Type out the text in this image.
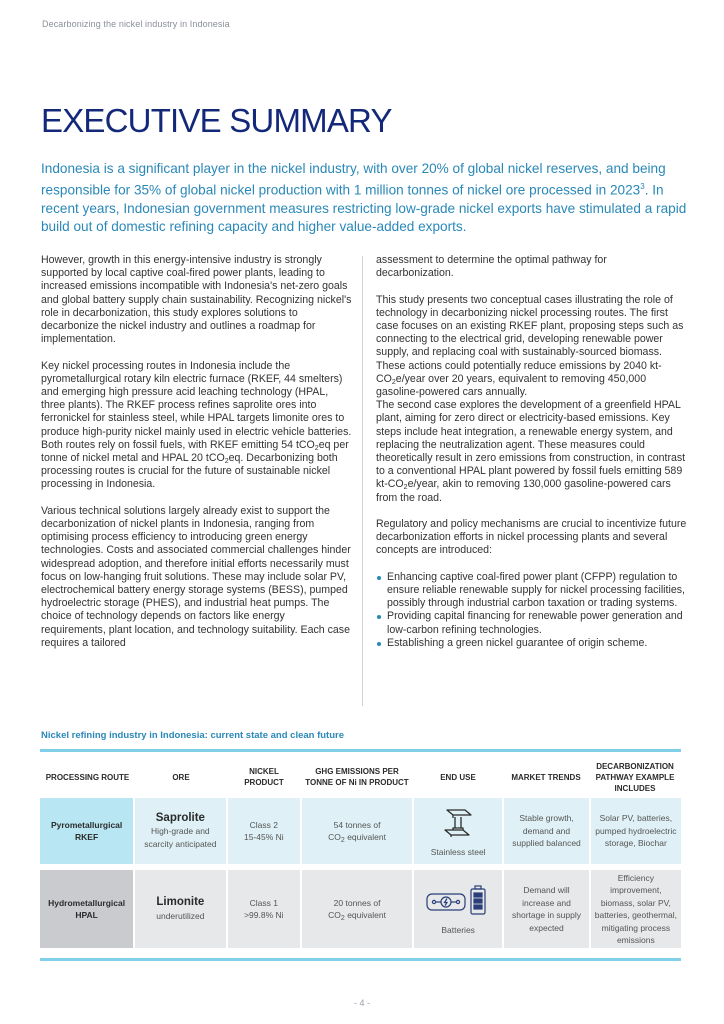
Decarbonizing the nickel industry in Indonesia
EXECUTIVE SUMMARY

Indonesia is a significant player in the nickel industry, with over 20% of global nickel reserves, and being responsible for 35% of global nickel production with 1 million tonnes of nickel ore processed in 2023$^3$. In recent years, Indonesian government measures restricting low-grade nickel exports have stimulated a rapid build out of domestic refining capacity and higher value-added exports.

However, growth in this energy-intensive industry is strongly supported by local captive coal-fired power plants, leading to increased emissions incompatible with Indonesia's net-zero goals and global battery supply chain sustainability. Recognizing nickel's role in decarbonization, this study explores solutions to decarbonize the nickel industry and outlines a roadmap for implementation.

Key nickel processing routes in Indonesia include the pyrometallurgical rotary kiln electric furnace (RKEF, 44 smelters) and emerging high pressure acid leaching technology (HPAL, three plants). The RKEF process refines saprolite ores into ferronickel for stainless steel, while HPAL targets limonite ores to produce high-purity nickel mainly used in electric vehicle batteries. Both routes rely on fossil fuels, with RKEF emitting 54 tCO$_2$eq per tonne of nickel metal and HPAL 20 tCO$_2$eq. Decarbonizing both processing routes is crucial for the future of sustainable nickel processing in Indonesia.

Various technical solutions largely already exist to support the decarbonization of nickel plants in Indonesia, ranging from optimising process efficiency to introducing green energy technologies. Costs and associated commercial challenges hinder widespread adoption, and therefore initial efforts necessarily must focus on low-hanging fruit solutions. These may include solar PV, electrochemical battery energy storage systems (BESS), pumped hydroelectric storage (PHES), and industrial heat pumps. The choice of technology depends on factors like energy requirements, plant location, and technology suitability. Each case requires a tailored

assessment to determine the optimal pathway for decarbonization.

This study presents two conceptual cases illustrating the role of technology in decarbonizing nickel processing routes. The first case focuses on an existing RKEF plant, proposing steps such as connecting to the electrical grid, developing renewable power supply, and replacing coal with sustainably-sourced biomass. These actions could potentially reduce emissions by 2040 $kt-CO_2e$/year over 20 years, equivalent to removing 450,000 gasoline-powered cars annually.
The second case explores the development of a greenfield HPAL plant, aiming for zero direct or electricity-based emissions. Key steps include heat integration, a renewable energy system, and replacing the neutralization agent. These measures could theoretically result in zero emissions from construction, in contrast to a conventional HPAL plant powered by fossil fuels emitting 589 $kt-CO_2e$/year, akin to removing 130,000 gasoline-powered cars from the road.

Regulatory and policy mechanisms are crucial to incentivize future decarbonization efforts in nickel processing plants and several concepts are introduced:

Enhancing captive coal-fired power plant (CFPP) regulation to ensure reliable renewable supply for nickel processing facilities, possibly through industrial carbon taxation or trading systems.
Providing capital financing for renewable power generation and low-carbon refining technologies.
Establishing a green nickel guarantee of origin scheme.
Nickel refining industry in Indonesia: current state and clean future
PROCESSING ROUTE	ORE
NICKEL PRODUCT
GHG EMISSIONS PER TONNE OF Ni IN PRODUCT
END USE	MARKET TRENDS
DECARBONIZATION PATHWAY EXAMPLE INCLUDES
Pyrometallurgical RKEF
Saprolite
High-grade and scarcity anticipated
Class 2
15-45% Ni
54 tonnes of
$CO_2$ equivalent
Stainless steel
Stable growth, demand and supplied balanced
Solar PV, batteries, pumped hydroelectric storage, Biochar
Hydrometallurgical HPAL
Limonite
underutilized
Class 1
>99.8% Ni
20 tonnes of
$CO_2$ equivalent
Batteries
Demand will increase and shortage in supply expected
Efficiency improvement, biomass, solar PV, batteries, geothermal, mitigating process emissions
- 4 -
